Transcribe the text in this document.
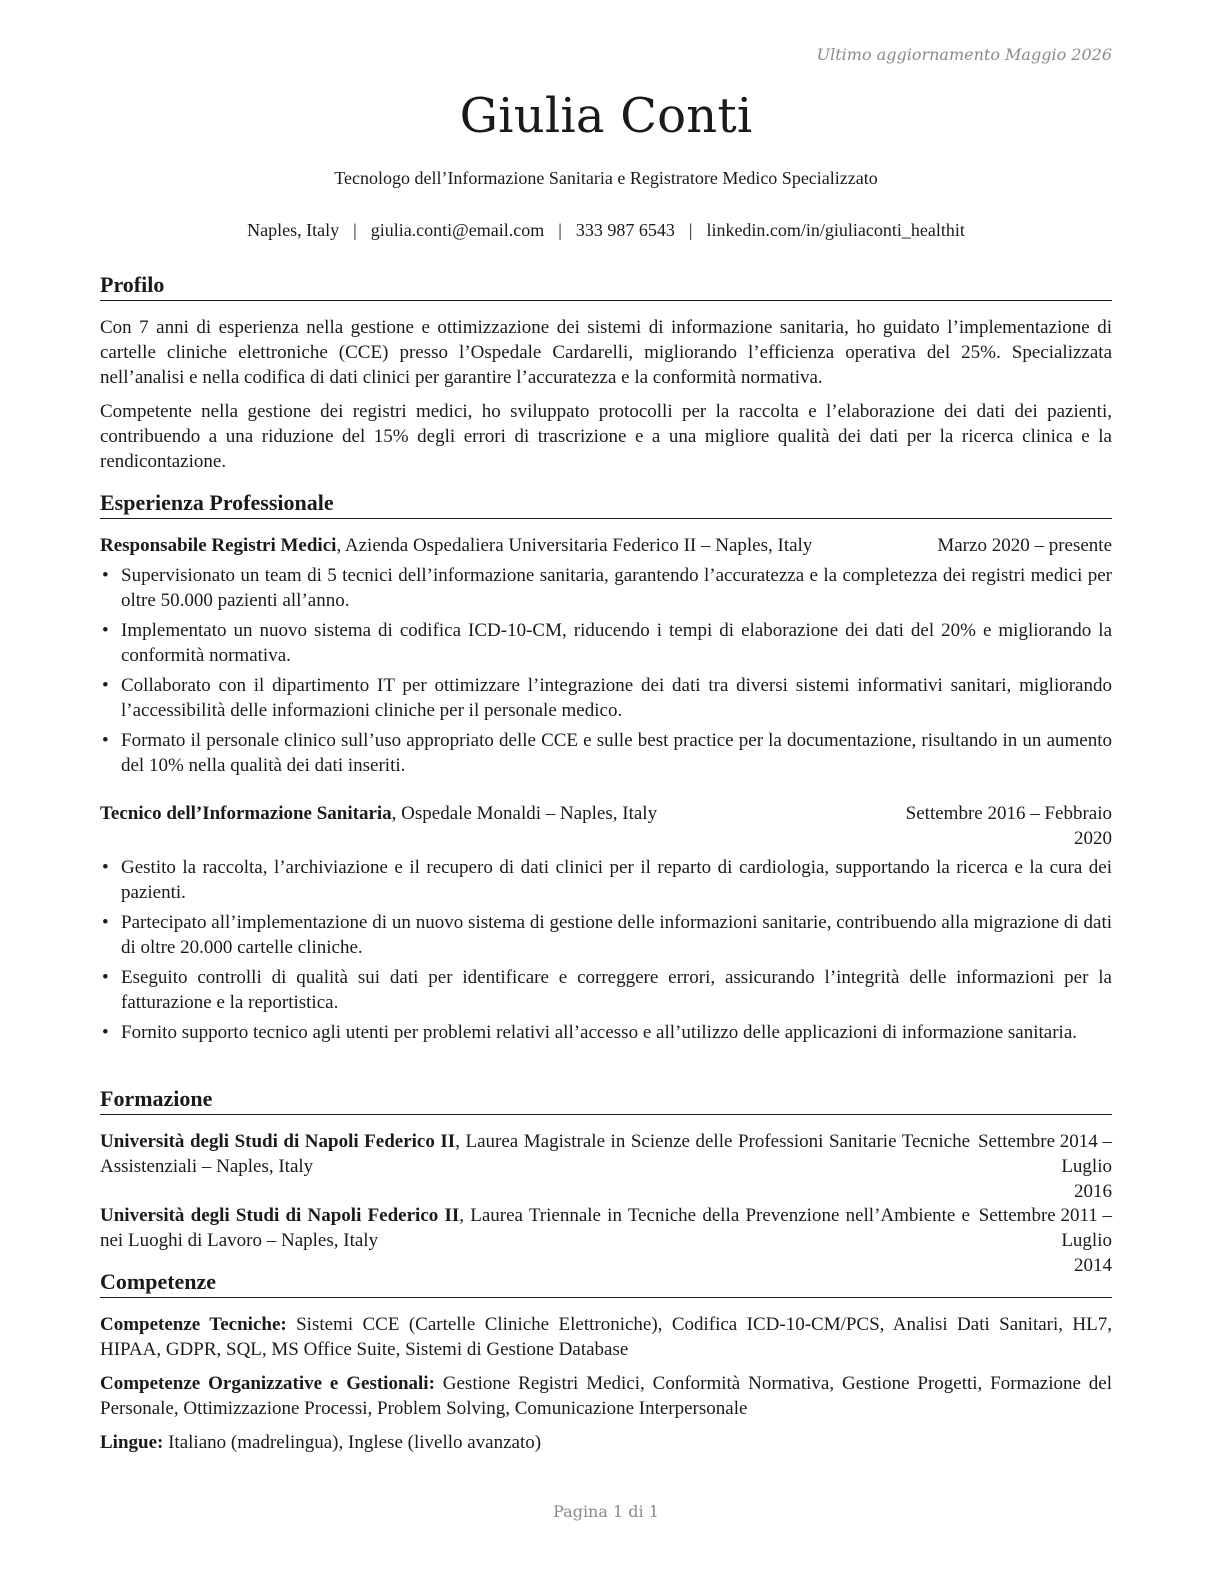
Ultimo aggiornamento Maggio 2026
Giulia Conti
Tecnologo dell’Informazione Sanitaria e Registratore Medico Specializzato
Naples, Italy | giulia.conti@email.com | 333 987 6543 | linkedin.com/in/giuliaconti_healthit
Profilo

Con 7 anni di esperienza nella gestione e ottimizzazione dei sistemi di informazione sanitaria, ho guidato l’implementazione di cartelle cliniche elettroniche (CCE) presso l’Ospedale Cardarelli, migliorando l’efficienza operativa del 25%. Specializzata nell’analisi e nella codifica di dati clinici per garantire l’accuratezza e la conformità normativa.

Competente nella gestione dei registri medici, ho sviluppato protocolli per la raccolta e l’elaborazione dei dati dei pazienti, contribuendo a una riduzione del 15% degli errori di trascrizione e a una migliore qualità dei dati per la ricerca clinica e la rendicontazione.

Esperienza Professionale
Responsabile Registri Medici, Azienda Ospedaliera Universitaria Federico II – Naples, Italy	Marzo 2020 – presente
• Supervisionato un team di 5 tecnici dell’informazione sanitaria, garantendo l’accuratezza e la completezza dei registri medici per oltre 50.000 pazienti all’anno.
• Implementato un nuovo sistema di codifica ICD-10-CM, riducendo i tempi di elaborazione dei dati del 20% e migliorando la conformità normativa.
• Collaborato con il dipartimento IT per ottimizzare l’integrazione dei dati tra diversi sistemi informativi sanitari, migliorando l’accessibilità delle informazioni cliniche per il personale medico.
• Formato il personale clinico sull’uso appropriato delle CCE e sulle best practice per la documentazione, risultando in un aumento del 10% nella qualità dei dati inseriti.
Tecnico dell’Informazione Sanitaria, Ospedale Monaldi – Naples, Italy	Settembre 2016 – Febbraio
2020
• Gestito la raccolta, l’archiviazione e il recupero di dati clinici per il reparto di cardiologia, supportando la ricerca e la cura dei pazienti.
• Partecipato all’implementazione di un nuovo sistema di gestione delle informazioni sanitarie, contribuendo alla migrazione di dati di oltre 20.000 cartelle cliniche.
• Eseguito controlli di qualità sui dati per identificare e correggere errori, assicurando l’integrità delle informazioni per la fatturazione e la reportistica.
• Fornito supporto tecnico agli utenti per problemi relativi all’accesso e all’utilizzo delle applicazioni di informazione sanitaria.
Formazione
Università degli Studi di Napoli Federico II, Laurea Magistrale in Scienze delle Professioni Sanitarie Tecniche Assistenziali – Naples, Italy
Settembre 2014 – Luglio
2016
Università degli Studi di Napoli Federico II, Laurea Triennale in Tecniche della Prevenzione nell’Ambiente e nei Luoghi di Lavoro – Naples, Italy
Settembre 2011 – Luglio
2014
Competenze

Competenze Tecniche: Sistemi CCE (Cartelle Cliniche Elettroniche), Codifica ICD-10-CM/PCS, Analisi Dati Sanitari, HL7, HIPAA, GDPR, SQL, MS Office Suite, Sistemi di Gestione Database

Competenze Organizzative e Gestionali: Gestione Registri Medici, Conformità Normativa, Gestione Progetti, Formazione del Personale, Ottimizzazione Processi, Problem Solving, Comunicazione Interpersonale

Lingue: Italiano (madrelingua), Inglese (livello avanzato)

Pagina 1 di 1
